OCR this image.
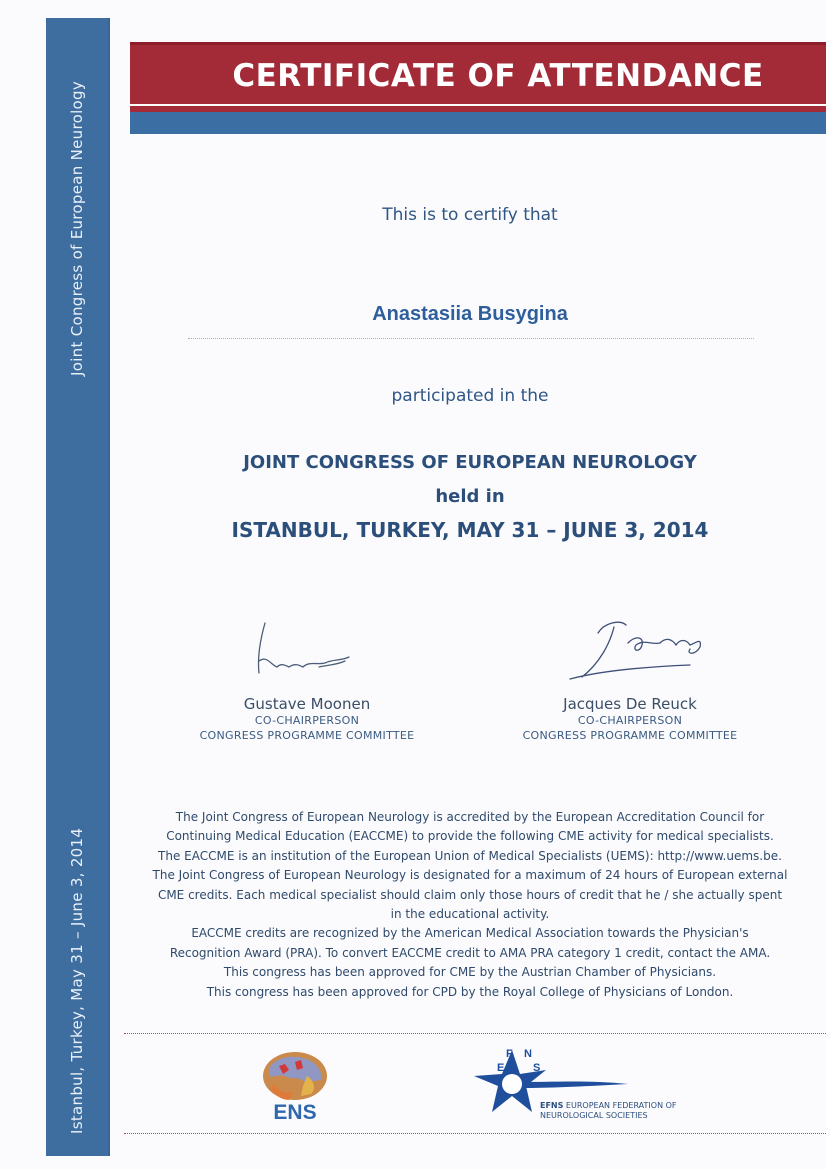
Joint Congress of European Neurology
Istanbul, Turkey, May 31 – June 3, 2014
CERTIFICATE OF ATTENDANCE
This is to certify that
Anastasiia Busygina
participated in the
JOINT CONGRESS OF EUROPEAN NEUROLOGY
held in
ISTANBUL, TURKEY, MAY 31 – JUNE 3, 2014
Gustave Moonen
CO-CHAIRPERSON
CONGRESS PROGRAMME COMMITTEE
Jacques De Reuck
CO-CHAIRPERSON
CONGRESS PROGRAMME COMMITTEE
The Joint Congress of European Neurology is accredited by the European Accreditation Council for
Continuing Medical Education (EACCME) to provide the following CME activity for medical specialists.
The EACCME is an institution of the European Union of Medical Specialists (UEMS): http://www.uems.be.
The Joint Congress of European Neurology is designated for a maximum of 24 hours of European external
CME credits. Each medical specialist should claim only those hours of credit that he / she actually spent
in the educational activity.
EACCME credits are recognized by the American Medical Association towards the Physician's
Recognition Award (PRA). To convert EACCME credit to AMA PRA category 1 credit, contact the AMA.
This congress has been approved for CME by the Austrian Chamber of Physicians.
This congress has been approved for CPD by the Royal College of Physicians of London.
ENS
E
F N
S
EFNS EUROPEAN FEDERATION OF
NEUROLOGICAL SOCIETIES
